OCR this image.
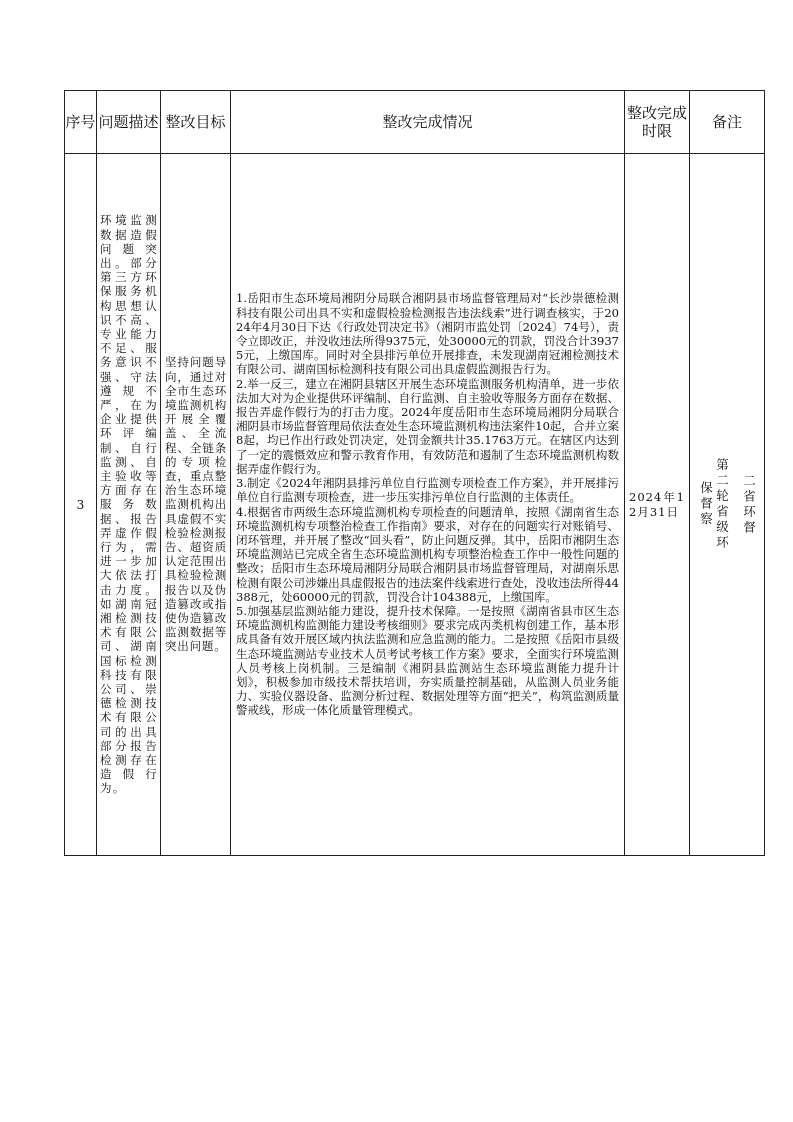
序号	问题描述	整改目标	整改完成情况	整改完成时限	备注
3	环境监测数据造假问题突出。部分第三方环保服务机构思想认识不高、专业能力不足、服务意识不强、守法遵规不严，在为企业提供环评编制、自行监测、自主验收等方面存在服务数据、报告弄虚作假行为，需进一步加大依法打击力度。如湖南冠湘检测技术有限公司、湖南国标检测科技有限公司、崇德检测技术有限公司的出具部分报告检测存在造假行为。	坚持问题导向，通过对全市生态环境监测机构开展全覆盖、全流程、全链条的专项检查，重点整治生态环境监测机构出具虚假不实检验检测报告、超资质认定范围出具检验检测报告以及伪造篡改或指使伪造篡改监测数据等突出问题。	1.岳阳市生态环境局湘阴分局联合湘阴县市场监督管理局对“长沙崇德检测科技有限公司出具不实和虚假检验检测报告违法线索”进行调查核实，于2024年4月30日下达《行政处罚决定书》（湘阴市监处罚〔2024〕74号），责令立即改正，并没收违法所得9375元，处30000元的罚款，罚没合计39375元，上缴国库。同时对全县排污单位开展排查，未发现湖南冠湘检测技术有限公司、湖南国标检测科技有限公司出具虚假监测报告行为。

2.举一反三，建立在湘阴县辖区开展生态环境监测服务机构清单，进一步依法加大对为企业提供环评编制、自行监测、自主验收等服务方面存在数据、报告弄虚作假行为的打击力度。2024年度岳阳市生态环境局湘阴分局联合湘阴县市场监督管理局依法查处生态环境监测机构违法案件10起，合并立案8起，均已作出行政处罚决定，处罚金额共计35.1763万元。在辖区内达到了一定的震慑效应和警示教育作用，有效防范和遏制了生态环境监测机构数据弄虚作假行为。

3.制定《2024年湘阴县排污单位自行监测专项检查工作方案》，并开展排污单位自行监测专项检查，进一步压实排污单位自行监测的主体责任。

4.根据省市两级生态环境监测机构专项检查的问题清单，按照《湖南省生态环境监测机构专项整治检查工作指南》要求，对存在的问题实行对账销号、闭环管理，并开展了整改“回头看”，防止问题反弹。其中，岳阳市湘阴生态环境监测站已完成全省生态环境监测机构专项整治检查工作中一般性问题的整改；岳阳市生态环境局湘阴分局联合湘阴县市场监督管理局，对湖南乐思检测有限公司涉嫌出具虚假报告的违法案件线索进行查处，没收违法所得44388元，处60000元的罚款，罚没合计104388元，上缴国库。

5.加强基层监测站能力建设，提升技术保障。一是按照《湖南省县市区生态环境监测机构监测能力建设考核细则》要求完成丙类机构创建工作，基本形成具备有效开展区域内执法监测和应急监测的能力。二是按照《岳阳市县级生态环境监测站专业技术人员考试考核工作方案》要求，全面实行环境监测人员考核上岗机制。三是编制《湘阴县监测站生态环境监测能力提升计划》，积极参加市级技术帮扶培训，夯实质量控制基础，从监测人员业务能力、实验仪器设备、监测分析过程、数据处理等方面“把关”，构筑监测质量警戒线，形成一体化质量管理模式。	2024年12月31日	第二轮省级环保督察 二省环督
